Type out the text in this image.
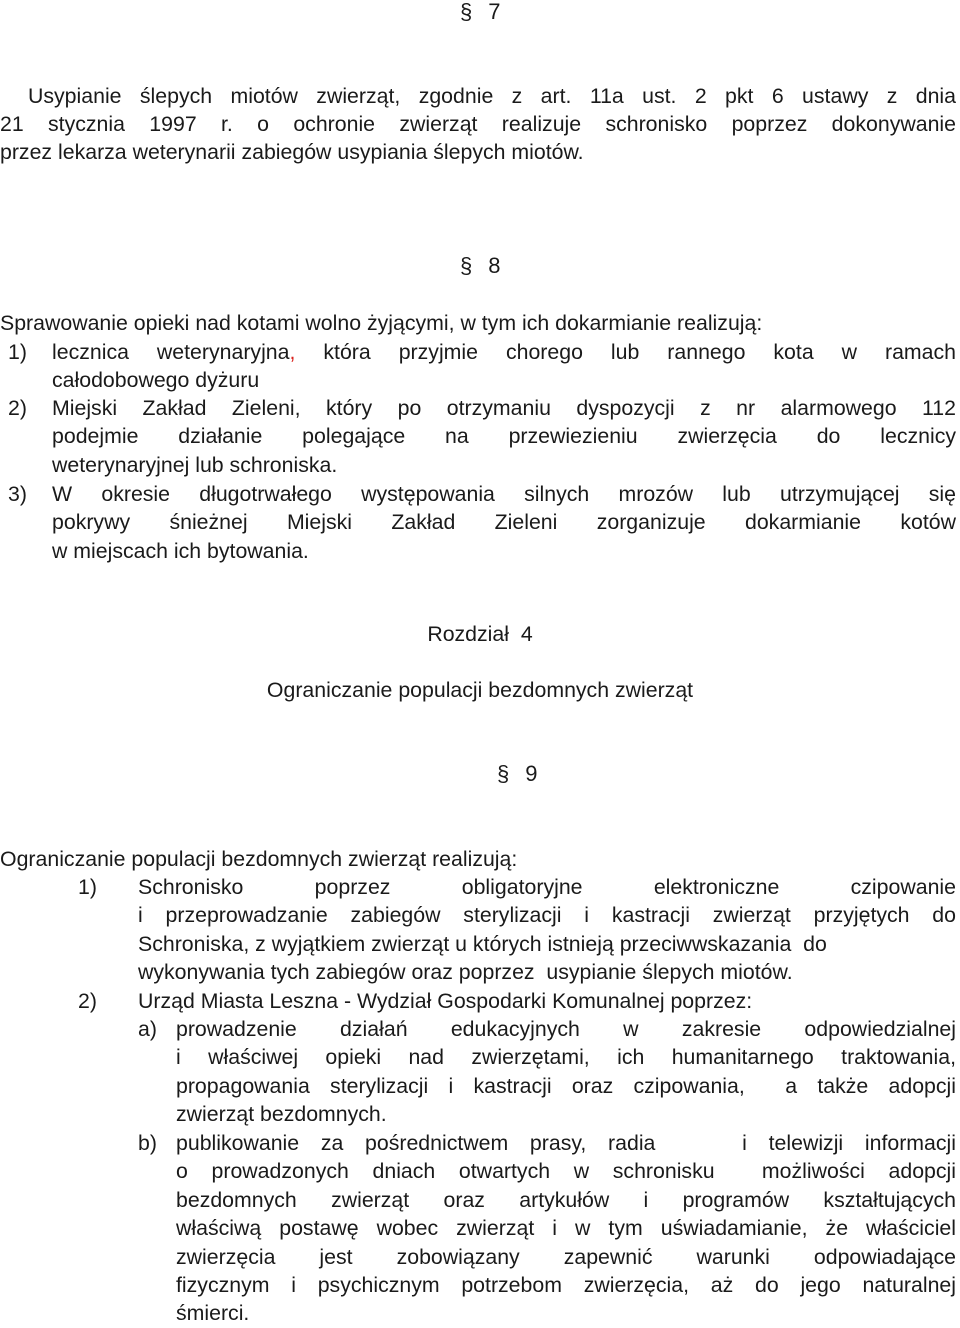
§ 7
Usypianie ślepych miotów zwierząt, zgodnie z art. 11a ust. 2 pkt 6 ustawy z dnia
21 stycznia 1997 r. o ochronie zwierząt realizuje schronisko poprzez dokonywanie
przez lekarza weterynarii zabiegów usypiania ślepych miotów.
§ 8
Sprawowanie opieki nad kotami wolno żyjącymi, w tym ich dokarmianie realizują:
1)	lecznica weterynaryjna, która przyjmie chorego lub rannego kota w ramach
całodobowego dyżuru
2)	Miejski Zakład Zieleni, który po otrzymaniu dyspozycji z nr alarmowego 112
podejmie działanie polegające na przewiezieniu zwierzęcia do lecznicy
weterynaryjnej lub schroniska.
3)	W okresie długotrwałego występowania silnych mrozów lub utrzymującej się
pokrywy śnieżnej Miejski Zakład Zieleni zorganizuje dokarmianie kotów
w miejscach ich bytowania.
Rozdział  4
Ograniczanie populacji bezdomnych zwierząt
§ 9
Ograniczanie populacji bezdomnych zwierząt realizują:
1)	Schronisko poprzez obligatoryjne elektroniczne czipowanie
i przeprowadzanie zabiegów sterylizacji i kastracji zwierząt przyjętych do
Schroniska, z wyjątkiem zwierząt u których istnieją przeciwwskazania  do
wykonywania tych zabiegów oraz poprzez  usypianie ślepych miotów.
2)	Urząd Miasta Leszna - Wydział Gospodarki Komunalnej poprzez:
a) prowadzenie działań edukacyjnych w zakresie odpowiedzialnej
i właściwej opieki nad zwierzętami, ich humanitarnego traktowania,
propagowania sterylizacji i kastracji oraz czipowania,  a także adopcji
zwierząt bezdomnych.
b) publikowanie za pośrednictwem prasy, radia    i telewizji informacji
o prowadzonych dniach otwartych w schronisku  możliwości adopcji
bezdomnych zwierząt oraz artykułów i programów kształtujących
właściwą postawę wobec zwierząt i w tym uświadamianie, że właściciel
zwierzęcia jest zobowiązany zapewnić warunki odpowiadające
fizycznym i psychicznym potrzebom zwierzęcia, aż do jego naturalnej
śmierci.
